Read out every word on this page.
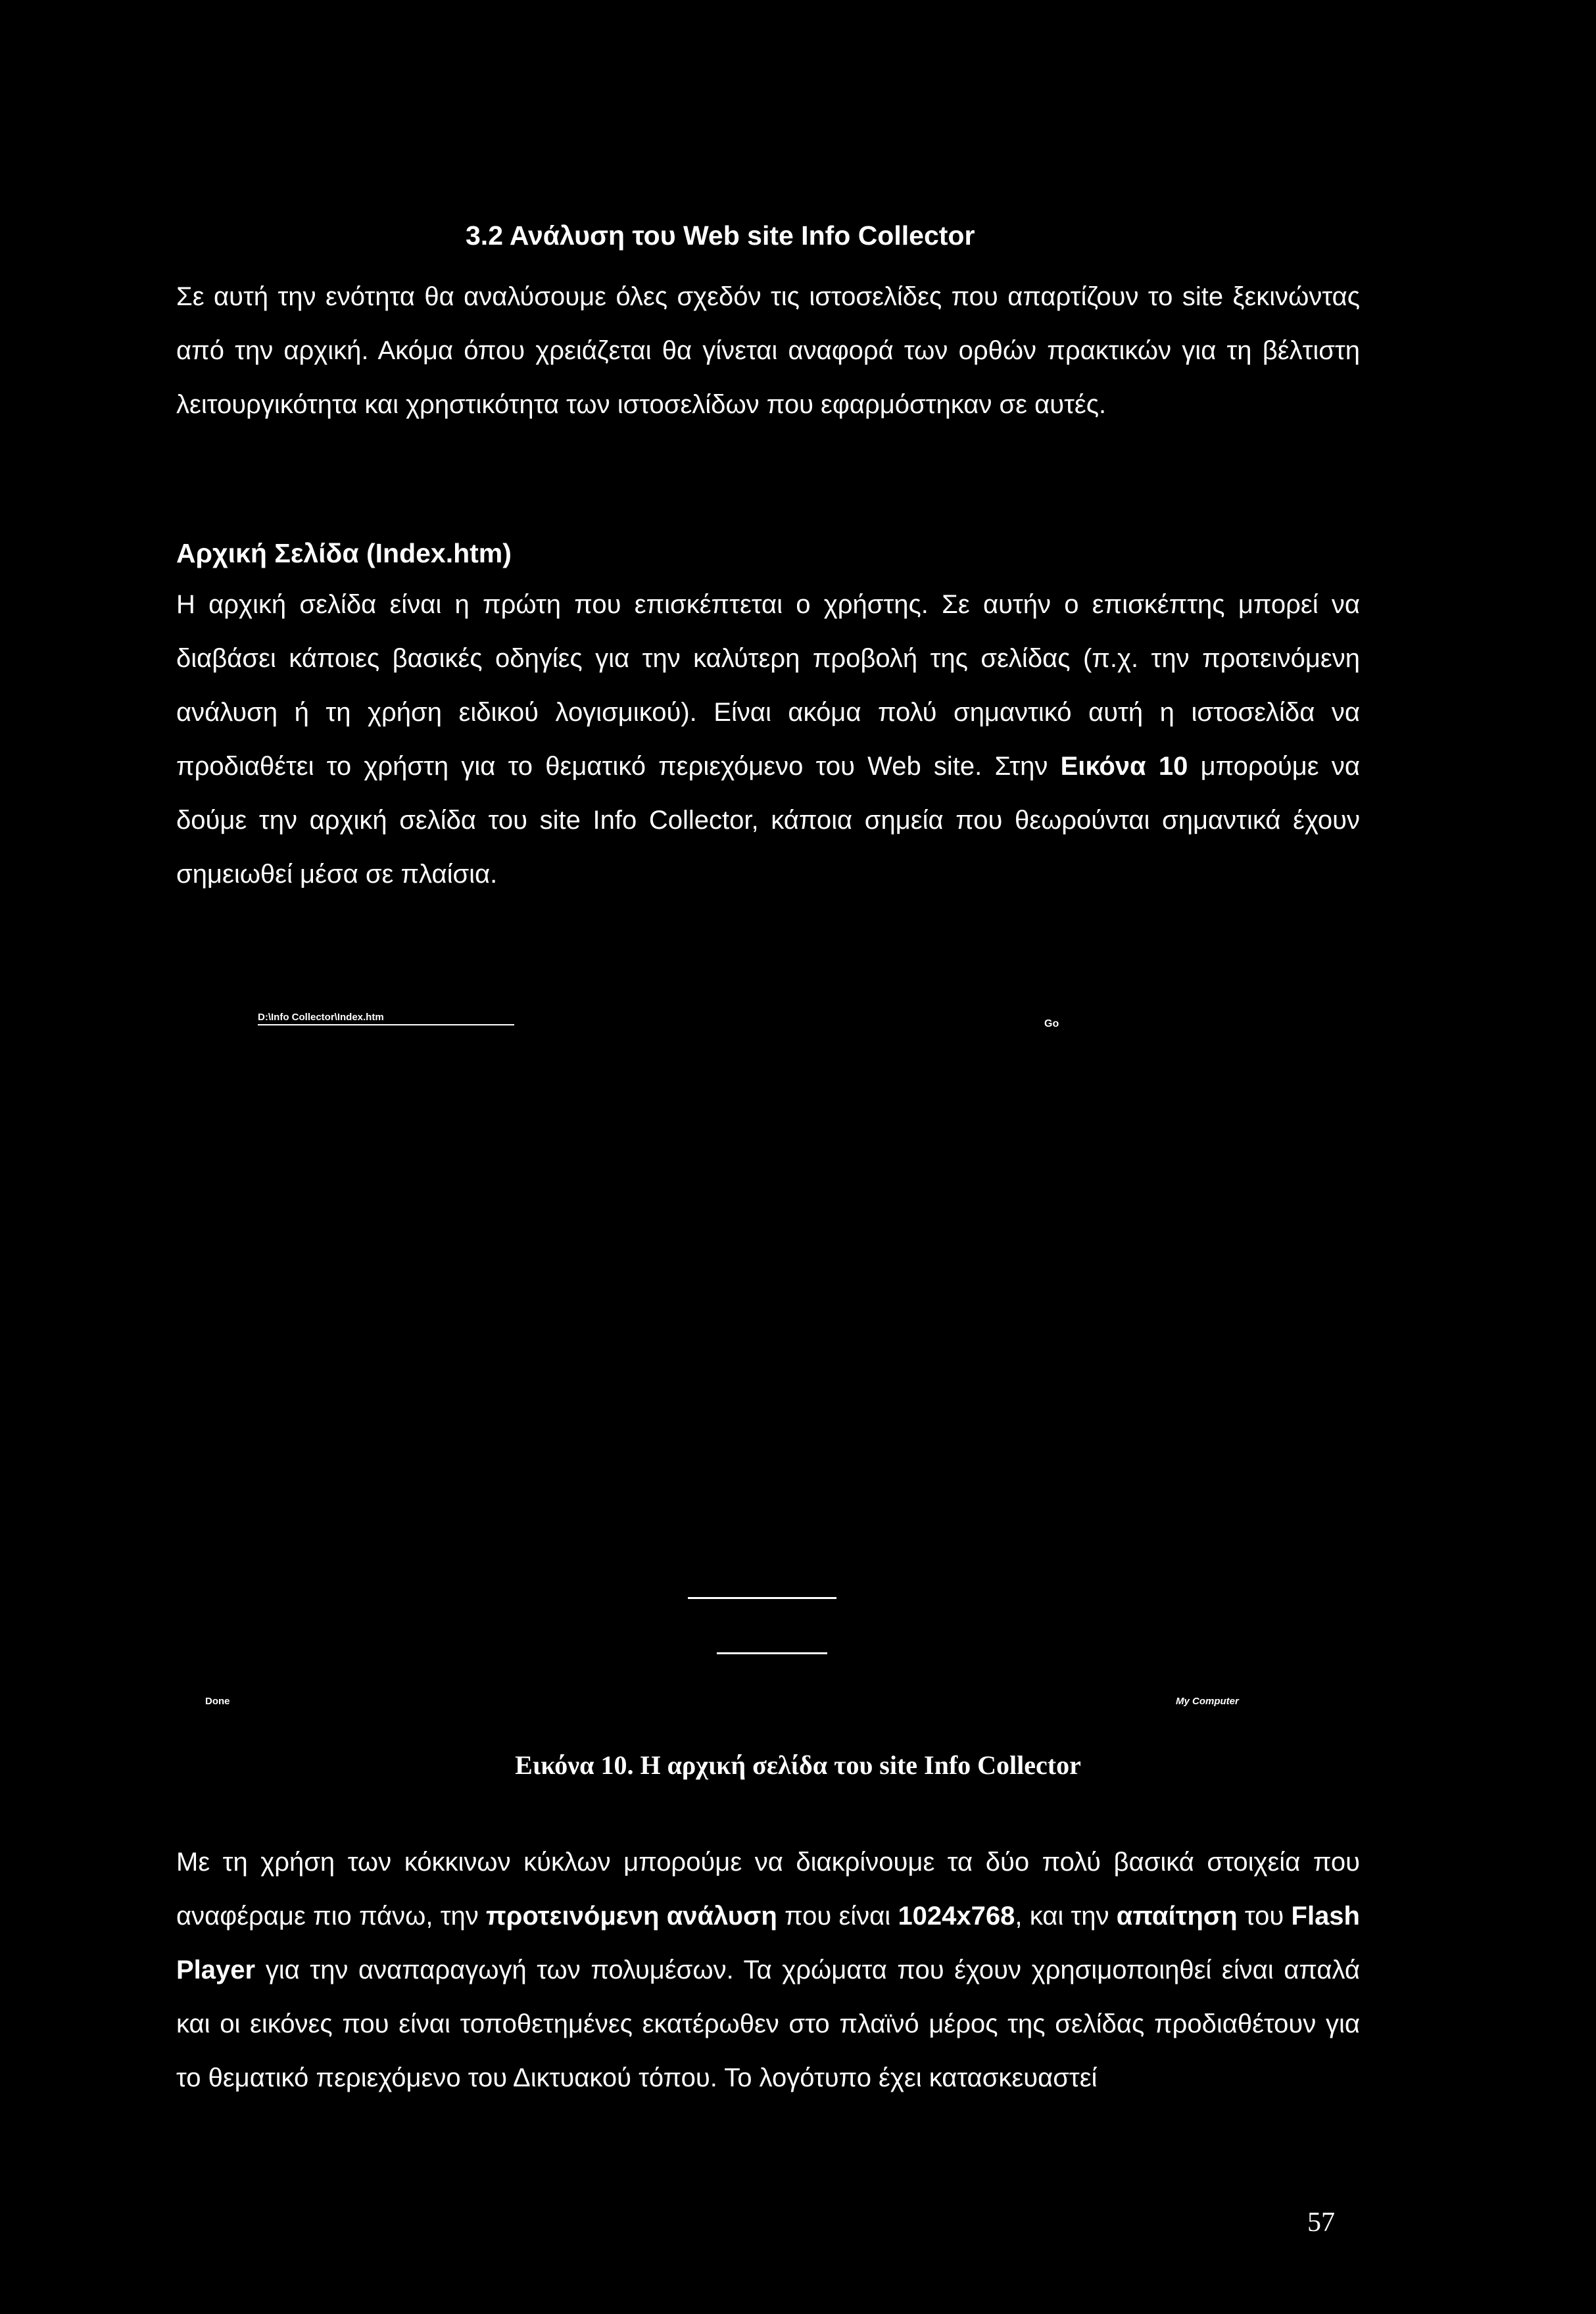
3.2 Ανάλυση του Web site Info Collector

Σε αυτή την ενότητα θα αναλύσουμε όλες σχεδόν τις ιστοσελίδες που απαρτίζουν το site ξεκινώντας από την αρχική. Ακόμα όπου χρειάζεται θα γίνεται αναφορά των ορθών πρακτικών για τη βέλτιστη λειτουργικότητα και χρηστικότητα των ιστοσελίδων που εφαρμόστηκαν σε αυτές.

Αρχική Σελίδα (Index.htm)

Η αρχική σελίδα είναι η πρώτη που επισκέπτεται ο χρήστης. Σε αυτήν ο επισκέπτης μπορεί να διαβάσει κάποιες βασικές οδηγίες για την καλύτερη προβολή της σελίδας (π.χ. την προτεινόμενη ανάλυση ή τη χρήση ειδικού λογισμικού). Είναι ακόμα πολύ σημαντικό αυτή η ιστοσελίδα να προδιαθέτει το χρήστη για το θεματικό περιεχόμενο του Web site. Στην Εικόνα 10 μπορούμε να δούμε την αρχική σελίδα του site Info Collector, κάποια σημεία που θεωρούνται σημαντικά έχουν σημειωθεί μέσα σε πλαίσια.

D:\Info Collector\Index.htm
Go
Done	My Computer
Εικόνα 10. Η αρχική σελίδα του site Info Collector

Με τη χρήση των κόκκινων κύκλων μπορούμε να διακρίνουμε τα δύο πολύ βασικά στοιχεία που αναφέραμε πιο πάνω, την προτεινόμενη ανάλυση που είναι 1024x768, και την απαίτηση του Flash Player για την αναπαραγωγή των πολυμέσων. Τα χρώματα που έχουν χρησιμοποιηθεί είναι απαλά και οι εικόνες που είναι τοποθετημένες εκατέρωθεν στο πλαϊνό μέρος της σελίδας προδιαθέτουν για το θεματικό περιεχόμενο του Δικτυακού τόπου. Το λογότυπο έχει κατασκευαστεί

57
